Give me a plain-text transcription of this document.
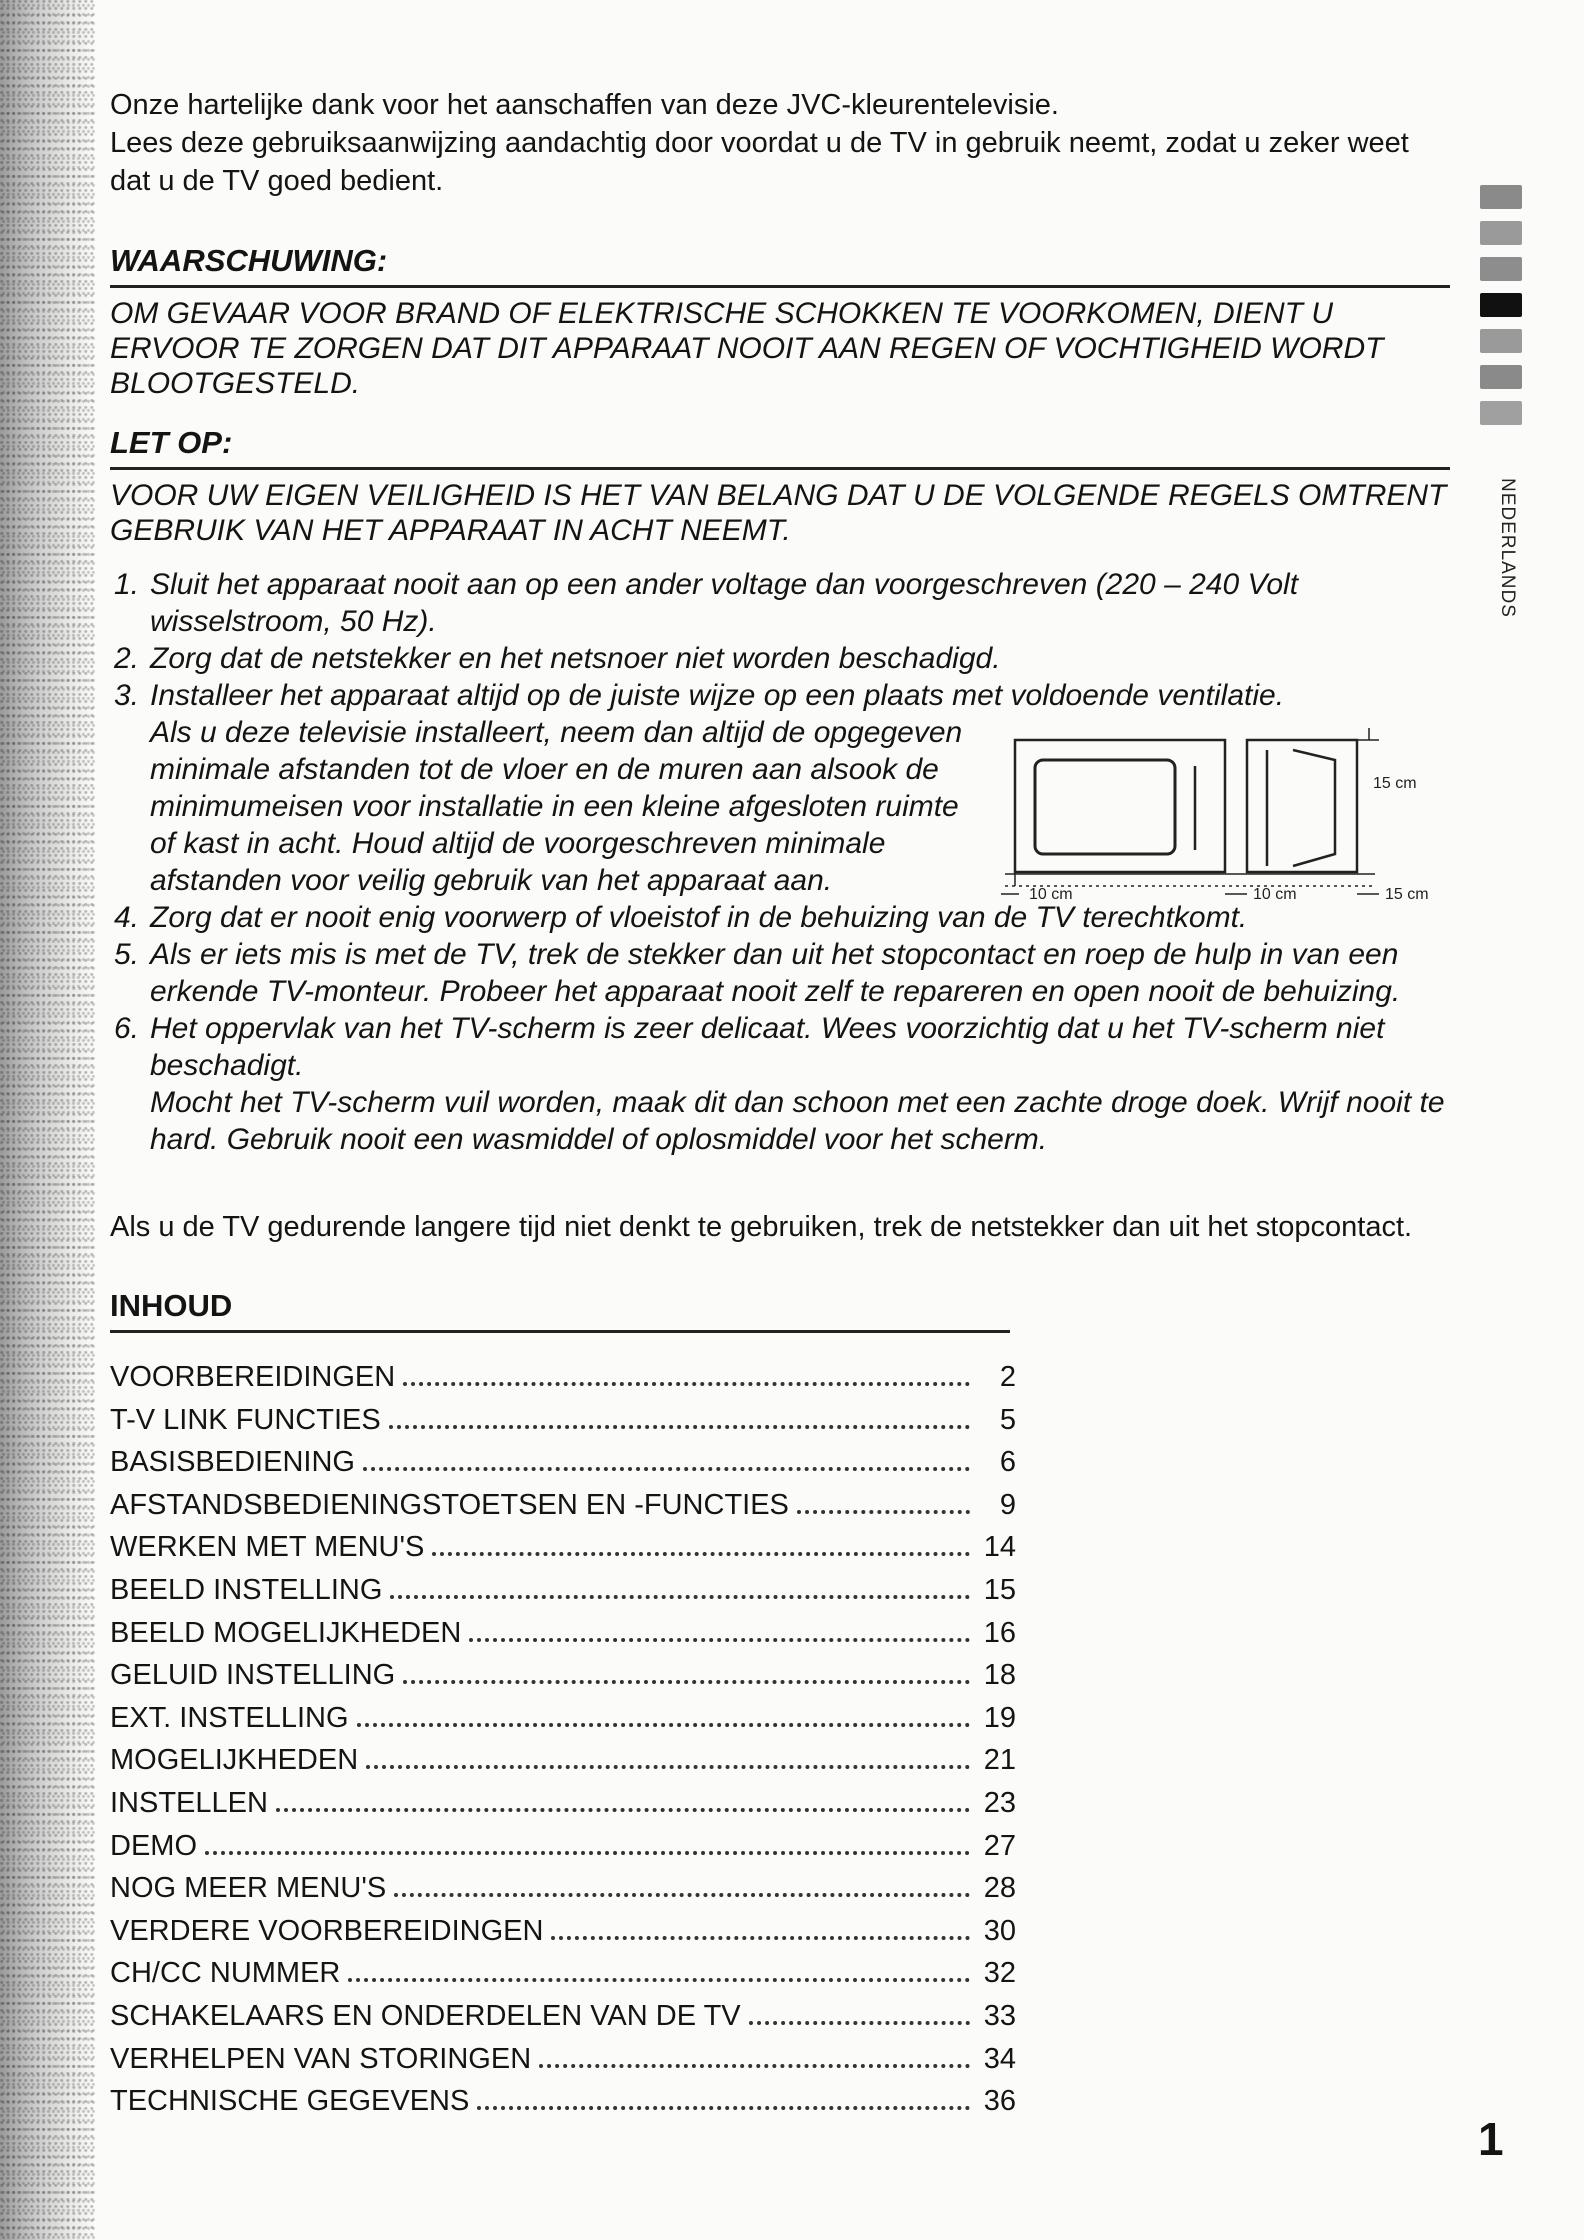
Onze hartelijke dank voor het aanschaffen van deze JVC-kleurentelevisie.

Lees deze gebruiksaanwijzing aandachtig door voordat u de TV in gebruik neemt, zodat u zeker weet dat u de TV goed bedient.

WAARSCHUWING:
OM GEVAAR VOOR BRAND OF ELEKTRISCHE SCHOKKEN TE VOORKOMEN, DIENT U ERVOOR TE ZORGEN DAT DIT APPARAAT NOOIT AAN REGEN OF VOCHTIGHEID WORDT BLOOTGESTELD.
LET OP:
VOOR UW EIGEN VEILIGHEID IS HET VAN BELANG DAT U DE VOLGENDE REGELS OMTRENT GEBRUIK VAN HET APPARAAT IN ACHT NEEMT.
1. Sluit het apparaat nooit aan op een ander voltage dan voorgeschreven (220 – 240 Volt wisselstroom, 50 Hz).
2. Zorg dat de netstekker en het netsnoer niet worden beschadigd.
3. Installeer het apparaat altijd op de juiste wijze op een plaats met voldoende ventilatie.

Als u deze televisie installeert, neem dan altijd de opgegeven minimale afstanden tot de vloer en de muren aan alsook de minimumeisen voor installatie in een kleine afgesloten ruimte of kast in acht. Houd altijd de voorgeschreven minimale afstanden voor veilig gebruik van het apparaat aan.

4. Zorg dat er nooit enig voorwerp of vloeistof in de behuizing van de TV terechtkomt.
5. Als er iets mis is met de TV, trek de stekker dan uit het stopcontact en roep de hulp in van een erkende TV-monteur. Probeer het apparaat nooit zelf te repareren en open nooit de behuizing.
6. Het oppervlak van het TV-scherm is zeer delicaat. Wees voorzichtig dat u het TV-scherm niet beschadigt.

Mocht het TV-scherm vuil worden, maak dit dan schoon met een zachte droge doek. Wrijf nooit te hard. Gebruik nooit een wasmiddel of oplosmiddel voor het scherm.

Als u de TV gedurende langere tijd niet denkt te gebruiken, trek de netstekker dan uit het stopcontact.

INHOUD
VOORBEREIDINGEN	2
T-V LINK FUNCTIES	5
BASISBEDIENING	6
AFSTANDSBEDIENINGSTOETSEN EN -FUNCTIES	9
WERKEN MET MENU'S	14
BEELD INSTELLING	15
BEELD MOGELIJKHEDEN	16
GELUID INSTELLING	18
EXT. INSTELLING	19
MOGELIJKHEDEN	21
INSTELLEN	23
DEMO	27
NOG MEER MENU'S	28
VERDERE VOORBEREIDINGEN	30
CH/CC NUMMER	32
SCHAKELAARS EN ONDERDELEN VAN DE TV	33
VERHELPEN VAN STORINGEN	34
TECHNISCHE GEGEVENS	36
10 cm	10 cm	15 cm
15 cm
NEDERLANDS
1
